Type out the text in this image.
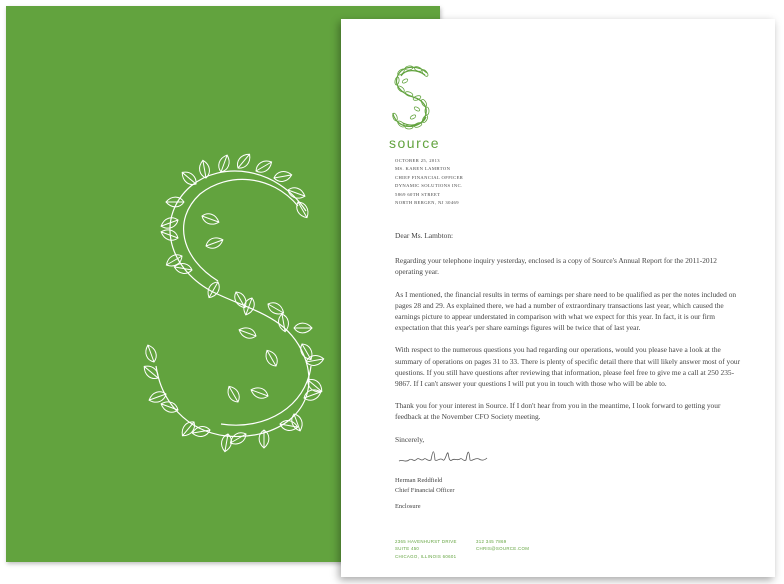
source
OCTOBER 25, 2013
MS. KAREN LAMBTON
CHIEF FINANCIAL OFFICER
DYNAMIC SOLUTIONS INC.
5869 60TH STREET
NORTH BERGEN, NJ 30469

Dear Ms. Lambton:

Regarding your telephone inquiry yesterday, enclosed is a copy of Source's Annual Report for the 2011-2012 operating year.

As I mentioned, the financial results in terms of earnings per share need to be qualified as per the notes included on pages 28 and 29. As explained there, we had a number of extraordinary transactions last year, which caused the earnings picture to appear understated in comparison with what we expect for this year. In fact, it is our firm expectation that this year's per share earnings figures will be twice that of last year.

With respect to the numerous questions you had regarding our operations, would you please have a look at the summary of operations on pages 31 to 33. There is plenty of specific detail there that will likely answer most of your questions. If you still have questions after reviewing that information, please feel free to give me a call at 250 235-9867. If I can't answer your questions I will put you in touch with those who will be able to.

Thank you for your interest in Source. If I don't hear from you in the meantime, I look forward to getting your feedback at the November CFO Society meeting.

Sincerely,

Herman Reddfield
Chief Financial Officer
Enclosure
2365 HAVENHURST DRIVE
SUITE 450
CHICAGO, ILLINOIS 60601
312 345 7869
CHRIS@SOURCE.COM
